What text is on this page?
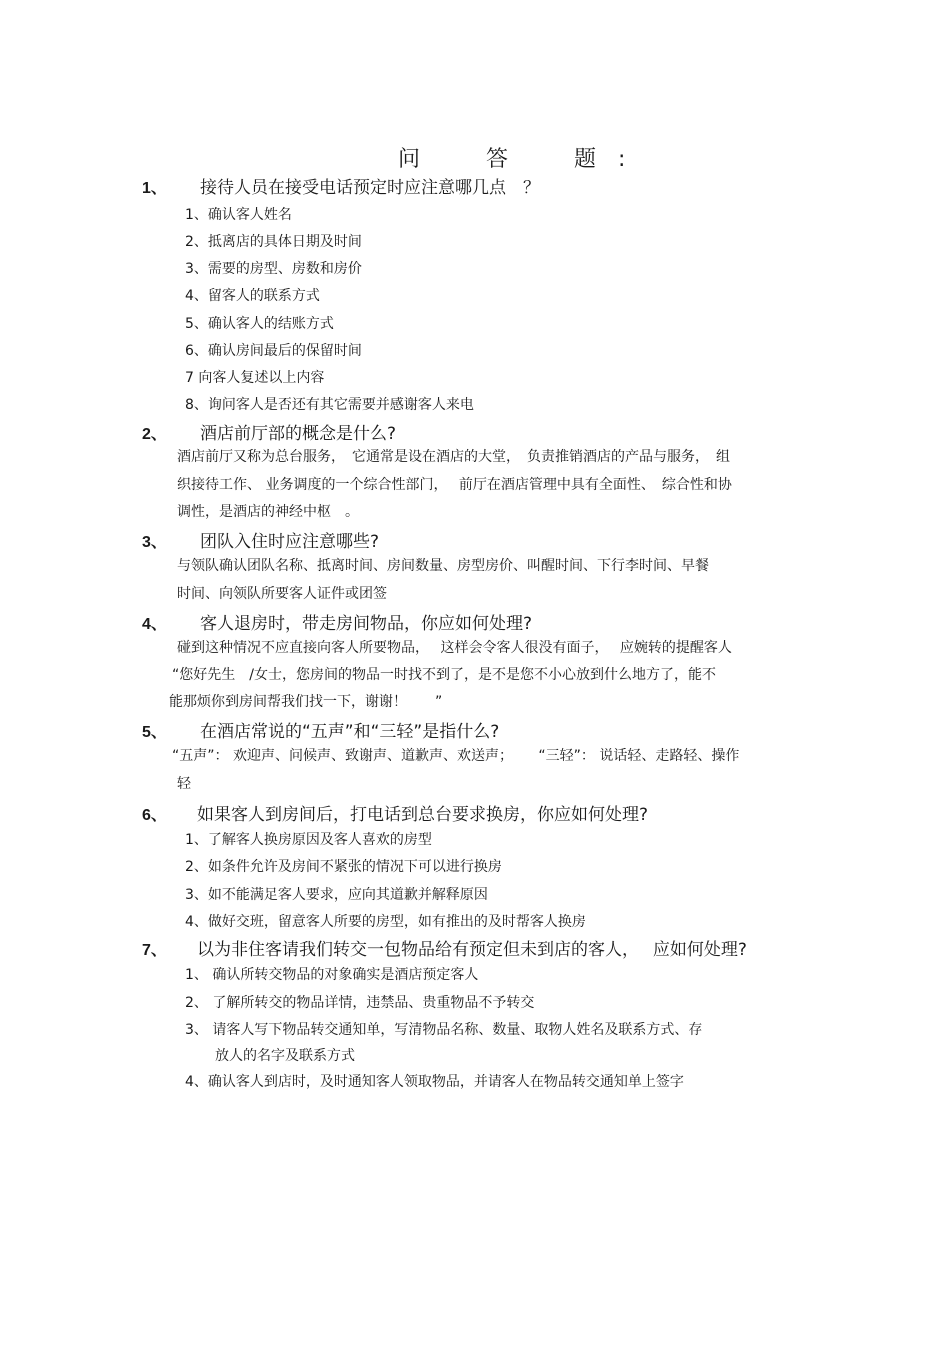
问　答　题:
1、 接待人员在接受电话预定时应注意哪几点　？
1、确认客人姓名
2、抵离店的具体日期及时间
3、需要的房型、房数和房价
4、留客人的联系方式
5、确认客人的结账方式
6、确认房间最后的保留时间
7 向客人复述以上内容
8、询问客人是否还有其它需要并感谢客人来电
2、 酒店前厅部的概念是什么?
酒店前厅又称为总台服务，　它通常是设在酒店的大堂，　负责推销酒店的产品与服务，　组
织接待工作、 业务调度的一个综合性部门，　 前厅在酒店管理中具有全面性、　综合性和协
调性，是酒店的神经中枢　。
3、 团队入住时应注意哪些?
与领队确认团队名称、抵离时间、房间数量、房型房价、叫醒时间、下行李时间、早餐
时间、向领队所要客人证件或团签
4、 客人退房时，带走房间物品，你应如何处理?
碰到这种情况不应直接向客人所要物品，　 这样会令客人很没有面子，　 应婉转的提醒客人
“您好先生　/女士，您房间的物品一时找不到了，是不是您不小心放到什么地方了，能不
能那烦你到房间帮我们找一下，谢谢！　　”
5、 在酒店常说的“五声”和“三轻”是指什么?
“五声”： 欢迎声、问候声、致谢声、道歉声、欢送声；　　 “三轻”： 说话轻、走路轻、操作
轻
6、 如果客人到房间后，打电话到总台要求换房，你应如何处理?
1、了解客人换房原因及客人喜欢的房型
2、如条件允许及房间不紧张的情况下可以进行换房
3、如不能满足客人要求，应向其道歉并解释原因
4、做好交班，留意客人所要的房型，如有推出的及时帮客人换房
7、 以为非住客请我们转交一包物品给有预定但未到店的客人，　 应如何处理?
1、 确认所转交物品的对象确实是酒店预定客人
2、 了解所转交的物品详情，违禁品、贵重物品不予转交
3、 请客人写下物品转交通知单，写清物品名称、数量、取物人姓名及联系方式、存
放人的名字及联系方式
4、确认客人到店时，及时通知客人领取物品，并请客人在物品转交通知单上签字
